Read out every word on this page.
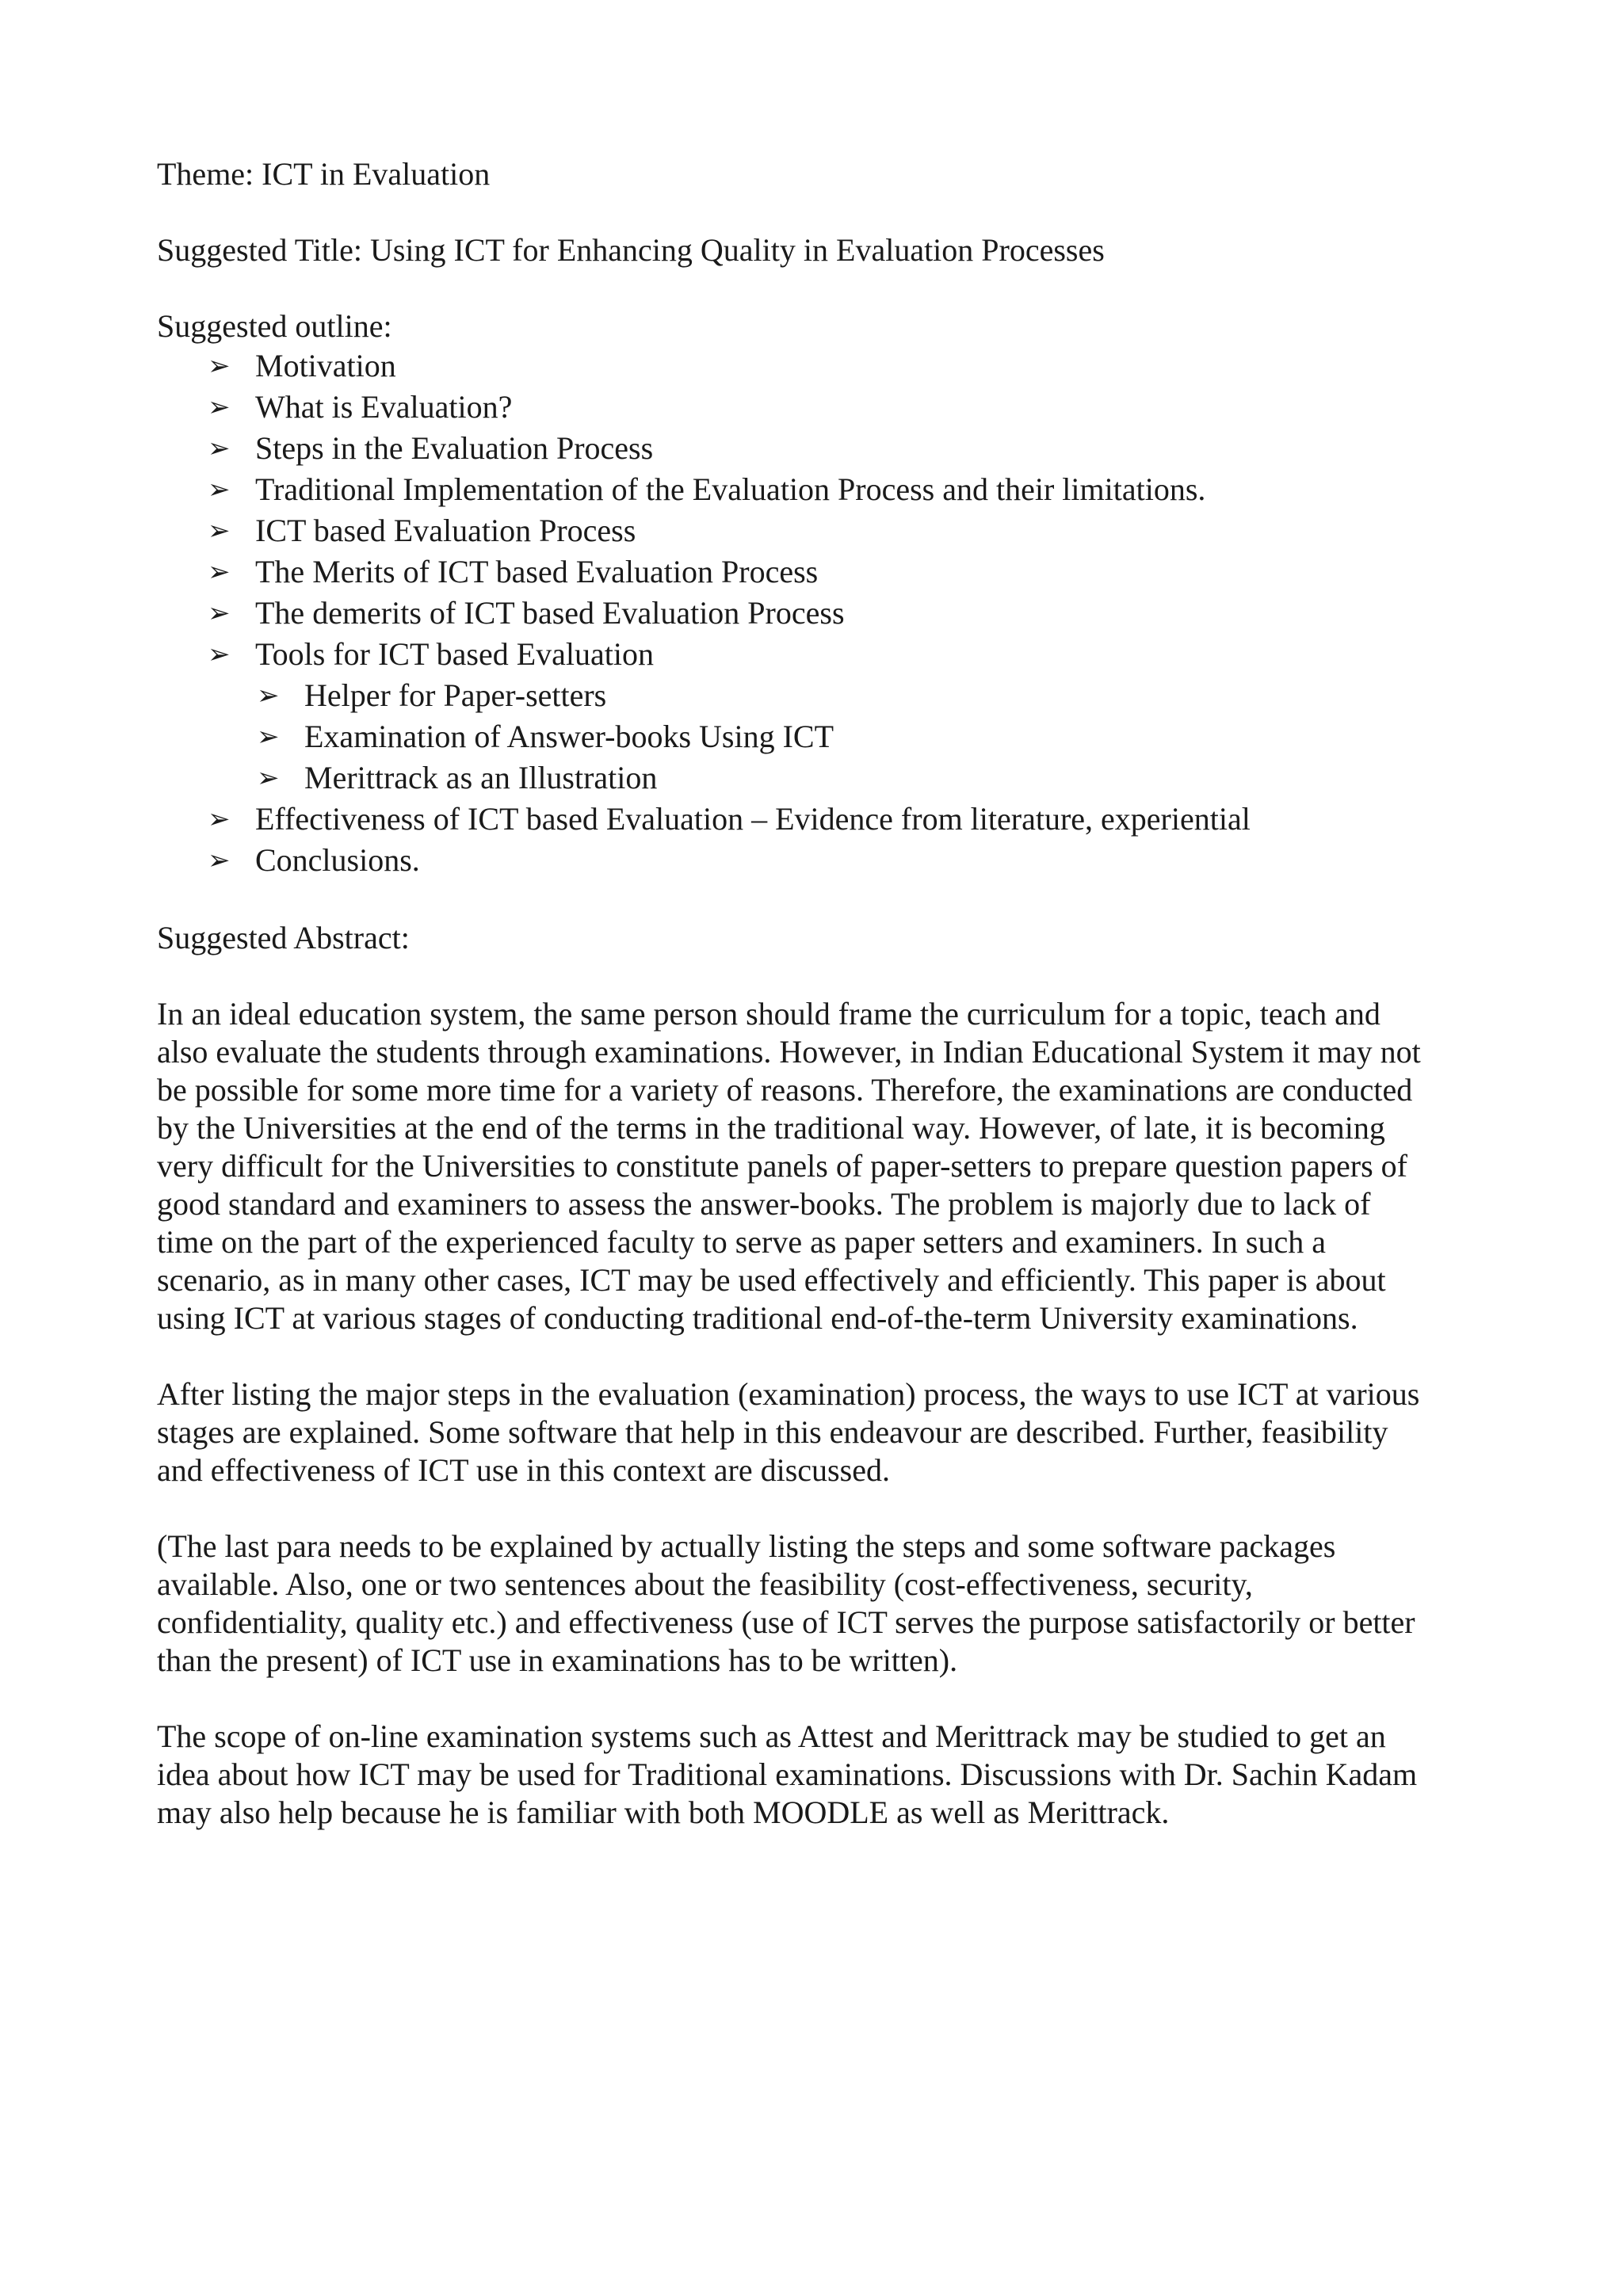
Theme: ICT in Evaluation

Suggested Title: Using ICT for Enhancing Quality in Evaluation Processes

Suggested outline:

➢ Motivation
➢ What is Evaluation?
➢ Steps in the Evaluation Process
➢ Traditional Implementation of the Evaluation Process and their limitations.
➢ ICT based Evaluation Process
➢ The Merits of ICT based Evaluation Process
➢ The demerits of ICT based Evaluation Process
➢ Tools for ICT based Evaluation
➢ Helper for Paper-setters
➢ Examination of Answer-books Using ICT
➢ Merittrack as an Illustration
➢ Effectiveness of ICT based Evaluation – Evidence from literature, experiential
➢ Conclusions.

Suggested Abstract:

In an ideal education system, the same person should frame the curriculum for a topic, teach and
also evaluate the students through examinations. However, in Indian Educational System it may not
be possible for some more time for a variety of reasons. Therefore, the examinations are conducted
by the Universities at the end of the terms in the traditional way. However, of late, it is becoming
very difficult for the Universities to constitute panels of paper-setters to prepare question papers of
good standard and examiners to assess the answer-books. The problem is majorly due to lack of
time on the part of the experienced faculty to serve as paper setters and examiners. In such a
scenario, as in many other cases, ICT may be used effectively and efficiently. This paper is about
using ICT at various stages of conducting traditional end-of-the-term University examinations.
After listing the major steps in the evaluation (examination) process, the ways to use ICT at various
stages are explained. Some software that help in this endeavour are described. Further, feasibility
and effectiveness of ICT use in this context are discussed.
(The last para needs to be explained by actually listing the steps and some software packages
available. Also, one or two sentences about the feasibility (cost-effectiveness, security,
confidentiality, quality etc.) and effectiveness (use of ICT serves the purpose satisfactorily or better
than the present) of ICT use in examinations has to be written).
The scope of on-line examination systems such as Attest and Merittrack may be studied to get an
idea about how ICT may be used for Traditional examinations. Discussions with Dr. Sachin Kadam
may also help because he is familiar with both MOODLE as well as Merittrack.
